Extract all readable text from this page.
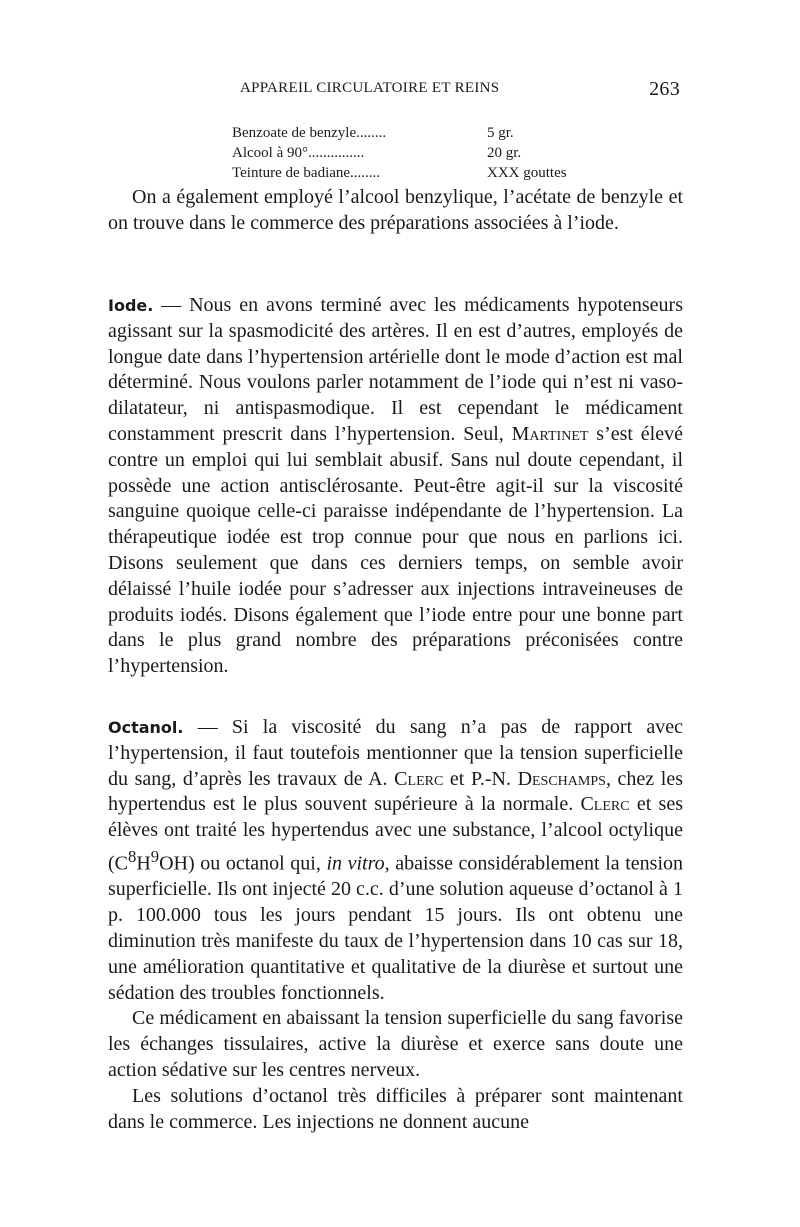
APPAREIL CIRCULATOIRE ET REINS	263
Benzoate de benzyle........	5 gr.
Alcool à 90°...............	20 gr.
Teinture de badiane........	XXX gouttes

On a également employé l’alcool benzylique, l’acétate de benzyle et on trouve dans le commerce des préparations associées à l’iode.

Iode. — Nous en avons terminé avec les médicaments hypotenseurs agissant sur la spasmodicité des artères. Il en est d’autres, employés de longue date dans l’hypertension artérielle dont le mode d’action est mal déterminé. Nous voulons parler notamment de l’iode qui n’est ni vaso-dilatateur, ni antispasmodique. Il est cependant le médicament constamment prescrit dans l’hypertension. Seul, Martinet s’est élevé contre un emploi qui lui semblait abusif. Sans nul doute cependant, il possède une action antisclérosante. Peut-être agit-il sur la viscosité sanguine quoique celle-ci paraisse indépendante de l’hypertension. La thérapeutique iodée est trop connue pour que nous en parlions ici. Disons seulement que dans ces derniers temps, on semble avoir délaissé l’huile iodée pour s’adresser aux injections intraveineuses de produits iodés. Disons également que l’iode entre pour une bonne part dans le plus grand nombre des préparations préconisées contre l’hypertension.

Octanol. — Si la viscosité du sang n’a pas de rapport avec l’hypertension, il faut toutefois mentionner que la tension superficielle du sang, d’après les travaux de A. Clerc et P.-N. Deschamps, chez les hypertendus est le plus souvent supérieure à la normale. Clerc et ses élèves ont traité les hypertendus avec une substance, l’alcool octylique $(C^8H^9OH)$ ou octanol qui, in vitro, abaisse considérablement la tension superficielle. Ils ont injecté 20 c.c. d’une solution aqueuse d’octanol à 1 p. 100.000 tous les jours pendant 15 jours. Ils ont obtenu une diminution très manifeste du taux de l’hypertension dans 10 cas sur 18, une amélioration quantitative et qualitative de la diurèse et surtout une sédation des troubles fonctionnels.

Ce médicament en abaissant la tension superficielle du sang favorise les échanges tissulaires, active la diurèse et exerce sans doute une action sédative sur les centres nerveux.

Les solutions d’octanol très difficiles à préparer sont maintenant dans le commerce. Les injections ne donnent aucune
